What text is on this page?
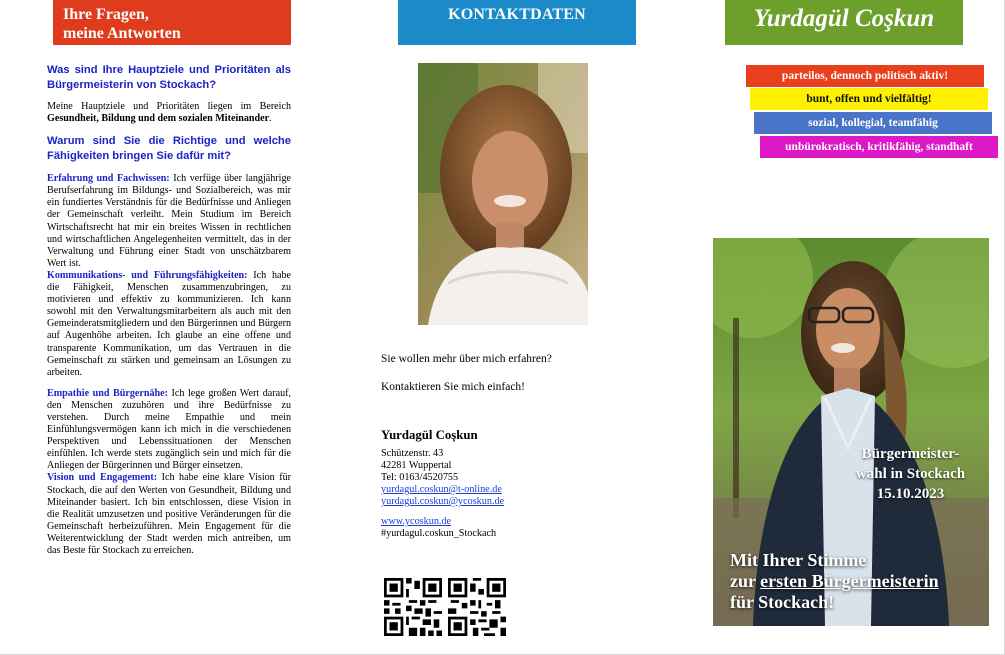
Ihre Fragen,
meine Antworten
Was sind Ihre Hauptziele und Prioritäten als Bürgermeisterin von Stockach?
Meine Hauptziele und Prioritäten liegen im Bereich Gesundheit, Bildung und dem sozialen Miteinander.
Warum sind Sie die Richtige und welche Fähigkeiten bringen Sie dafür mit?
Erfahrung und Fachwissen: Ich verfüge über langjährige Berufserfahrung im Bildungs- und Sozialbereich, was mir ein fundiertes Verständnis für die Bedürfnisse und Anliegen der Gemeinschaft verleiht. Mein Studium im Bereich Wirtschaftsrecht hat mir ein breites Wissen in rechtlichen und wirtschaftlichen Angelegenheiten vermittelt, das in der Verwaltung und Führung einer Stadt von unschätzbarem Wert ist.
Kommunikations- und Führungsfähigkeiten: Ich habe die Fähigkeit, Menschen zusammenzubringen, zu motivieren und effektiv zu kommunizieren. Ich kann sowohl mit den Verwaltungsmitarbeitern als auch mit den Gemeinderatsmitgliedern und den Bürgerinnen und Bürgern auf Augenhöhe arbeiten. Ich glaube an eine offene und transparente Kommunikation, um das Vertrauen in die Gemeinschaft zu stärken und gemeinsam an Lösungen zu arbeiten.
Empathie und Bürgernähe: Ich lege großen Wert darauf, den Menschen zuzuhören und ihre Bedürfnisse zu verstehen. Durch meine Empathie und mein Einfühlungsvermögen kann ich mich in die verschiedenen Perspektiven und Lebenssituationen der Menschen einfühlen. Ich werde stets zugänglich sein und mich für die Anliegen der Bürgerinnen und Bürger einsetzen.
Vision und Engagement: Ich habe eine klare Vision für Stockach, die auf den Werten von Gesundheit, Bildung und Miteinander basiert. Ich bin entschlossen, diese Vision in die Realität umzusetzen und positive Veränderungen für die Gemeinschaft herbeizuführen. Mein Engagement für die Weiterentwicklung der Stadt werden mich antreiben, um das Beste für Stockach zu erreichen.
KONTAKTDATEN
Sie wollen mehr über mich erfahren?
Kontaktieren Sie mich einfach!
Yurdagül Coşkun
Schützenstr. 43
42281 Wuppertal
Tel: 0163/4520755
yurdagul.coskun@t-online.de
yurdagul.coskun@ycoskun.de
www.ycoskun.de
#yurdagul.coskun_Stockach
Yurdagül Coşkun
parteilos, dennoch politisch aktiv!
bunt, offen und vielfältig!
sozial, kollegial, teamfähig
unbürokratisch, kritikfähig, standhaft
Bürgermeister-
wahl in Stockach
15.10.2023
Mit Ihrer Stimme
zur ersten Bürgermeisterin
für Stockach!
